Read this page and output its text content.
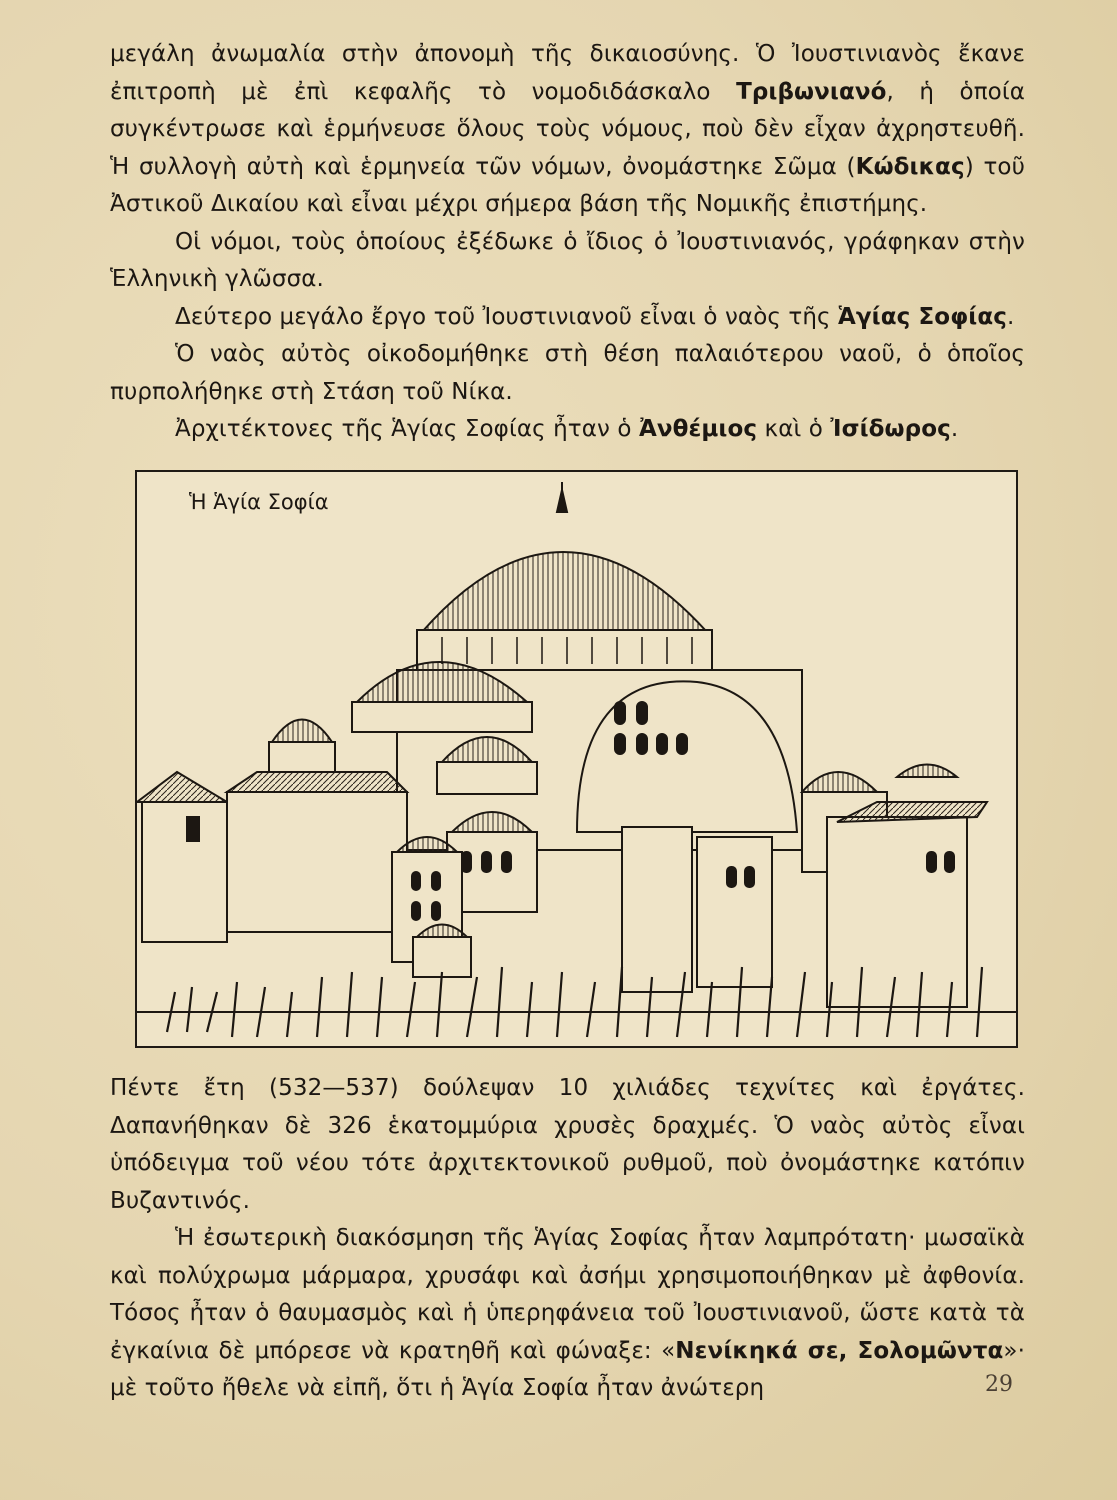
μεγάλη ἀνωμαλία στὴν ἀπονομὴ τῆς δικαιοσύνης. Ὁ Ἰουστινιανὸς ἔκανε ἐπιτροπὴ μὲ ἐπὶ κεφαλῆς τὸ νομοδιδάσκαλο Τριβωνιανό, ἡ ὁποία συγκέντρωσε καὶ ἑρμήνευσε ὅλους τοὺς νόμους, ποὺ δὲν εἶχαν ἀχρηστευθῆ. Ἡ συλλογὴ αὐτὴ καὶ ἑρμηνεία τῶν νόμων, ὀνομάστηκε Σῶμα (Κώδικας) τοῦ Ἀστικοῦ Δικαίου καὶ εἶναι μέχρι σήμερα βάση τῆς Νομικῆς ἐπιστήμης.

Οἱ νόμοι, τοὺς ὁποίους ἐξέδωκε ὁ ἴδιος ὁ Ἰουστινιανός, γράφηκαν στὴν Ἑλληνικὴ γλῶσσα.

Δεύτερο μεγάλο ἔργο τοῦ Ἰουστινιανοῦ εἶναι ὁ ναὸς τῆς Ἁγίας Σοφίας.

Ὁ ναὸς αὐτὸς οἰκοδομήθηκε στὴ θέση παλαιότερου ναοῦ, ὁ ὁποῖος πυρπολήθηκε στὴ Στάση τοῦ Νίκα.

Ἀρχιτέκτονες τῆς Ἁγίας Σοφίας ἦταν ὁ Ἀνθέμιος καὶ ὁ Ἰσίδωρος.

Ἡ Ἁγία Σοφία

Πέντε ἔτη (532—537) δούλεψαν 10 χιλιάδες τεχνίτες καὶ ἐργάτες. Δαπανήθηκαν δὲ 326 ἑκατομμύρια χρυσὲς δραχμές. Ὁ ναὸς αὐτὸς εἶναι ὑπόδειγμα τοῦ νέου τότε ἀρχιτεκτονικοῦ ρυθμοῦ, ποὺ ὀνομάστηκε κατόπιν Βυζαντινός.

Ἡ ἐσωτερικὴ διακόσμηση τῆς Ἁγίας Σοφίας ἦταν λαμπρότατη· μωσαϊκὰ καὶ πολύχρωμα μάρμαρα, χρυσάφι καὶ ἀσήμι χρησιμοποιήθηκαν μὲ ἀφθονία. Τόσος ἦταν ὁ θαυμασμὸς καὶ ἡ ὑπερηφάνεια τοῦ Ἰουστινιανοῦ, ὥστε κατὰ τὰ ἐγκαίνια δὲ μπόρεσε νὰ κρατηθῆ καὶ φώναξε: «Νενίκηκά σε, Σολομῶντα»· μὲ τοῦτο ἤθελε νὰ εἰπῆ, ὅτι ἡ Ἁγία Σοφία ἦταν ἀνώτερη	29
